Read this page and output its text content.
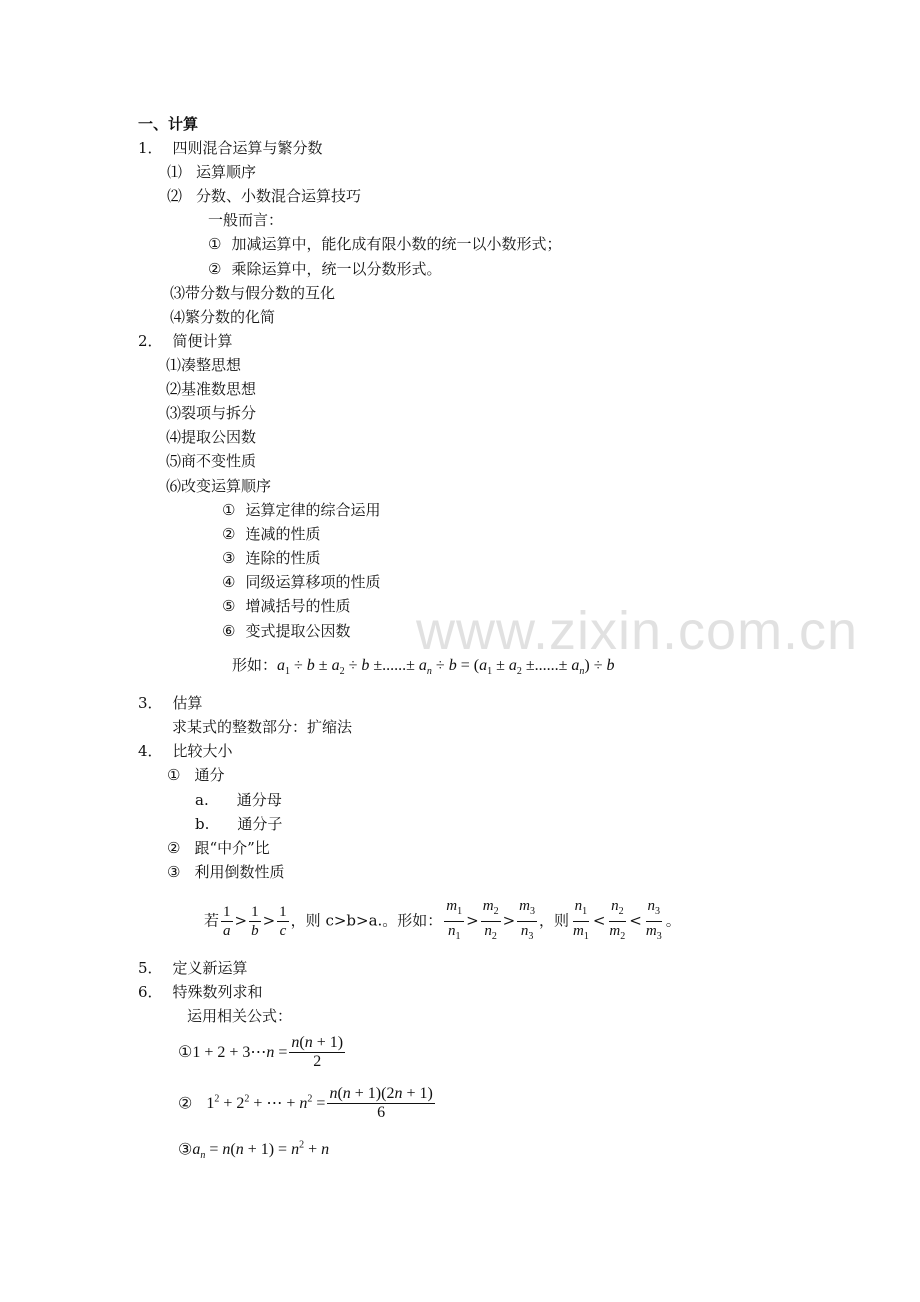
一、计算
1． 四则混合运算与繁分数
⑴ 运算顺序
⑵ 分数、小数混合运算技巧
一般而言：
① 加减运算中，能化成有限小数的统一以小数形式；
② 乘除运算中，统一以分数形式。
⑶带分数与假分数的互化
⑷繁分数的化简
2． 简便计算
⑴凑整思想
⑵基准数思想
⑶裂项与拆分
⑷提取公因数
⑸商不变性质
⑹改变运算顺序
① 运算定律的综合运用
② 连减的性质
③ 连除的性质
④ 同级运算移项的性质
⑤ 增减括号的性质
⑥ 变式提取公因数
形如：$a_1 \div b \pm a_2 \div b$ ±......± $a_n \div b = (a_1 \pm a_2$ ±......± $a_n) \div b$
3． 估算
求某式的整数部分：扩缩法
4． 比较大小
① 通分
a. 通分母
b. 通分子
② 跟“中介”比
③ 利用倒数性质
若 $\frac{1}{a} > \frac{1}{b} > \frac{1}{c}$ ，则 c>b>a.。形如： $\frac{m_1}{n_1} > \frac{m_2}{n_2} > \frac{m_3}{n_3}$ ，则 $\frac{n_1}{m_1} < \frac{n_2}{m_2} < \frac{n_3}{m_3}$ 。
5． 定义新运算
6． 特殊数列求和
运用相关公式：
①1 + 2 + 3⋯n = $\frac{n(n + 1)}{2}$
② $1^2 + 2^2$ + ⋯ + $n^2 = \frac{n(n + 1)(2n + 1)}{6}$
$③a_n = n(n + 1) = n^2 + n$
www.zixin.com.cn
